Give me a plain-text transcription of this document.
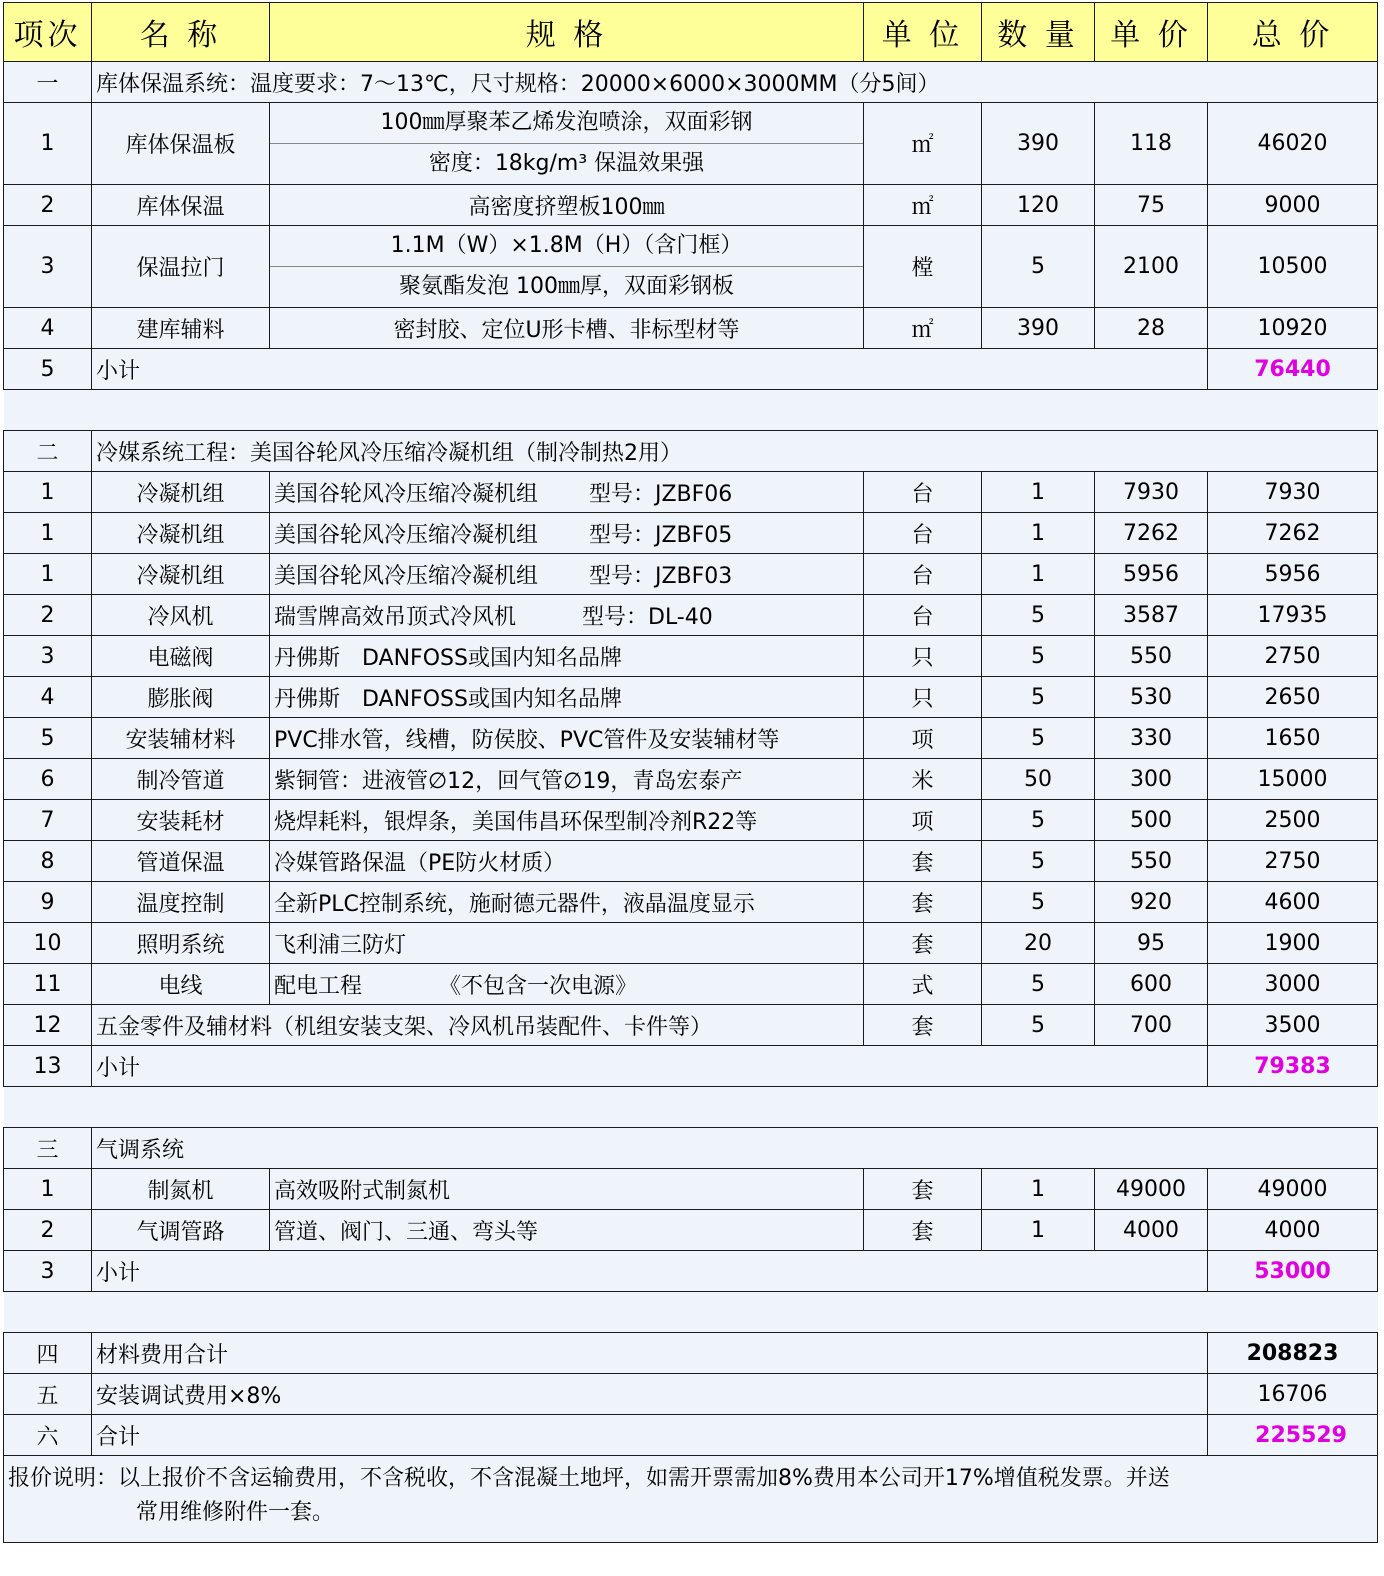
项次	名 称	规 格	单 位	数 量	单 价	总 价
一	库体保温系统：温度要求：7～13℃，尺寸规格：20000×6000×3000MM（分5间）					
1	库体保温板	100㎜厚聚苯乙烯发泡喷涂，双面彩钢
密度：18kg/m³ 保温效果强	㎡	390	118	46020
2	库体保温	高密度挤塑板100㎜	㎡	120	75	9000
3	保温拉门	1.1M（W）×1.8M（H）（含门框）
聚氨酯发泡 100㎜厚，双面彩钢板	樘	5	2100	10500
4	建库辅料	密封胶、定位U形卡槽、非标型材等	㎡	390	28	10920
5	小计					76440

二	冷媒系统工程：美国谷轮风冷压缩冷凝机组（制冷制热2用）					
1	冷凝机组	美国谷轮风冷压缩冷凝机组　　 型号：JZBF06	台	1	7930	7930
1	冷凝机组	美国谷轮风冷压缩冷凝机组　　 型号：JZBF05	台	1	7262	7262
1	冷凝机组	美国谷轮风冷压缩冷凝机组　　 型号：JZBF03	台	1	5956	5956
2	冷风机	瑞雪牌高效吊顶式冷风机　　　型号：DL-40	台	5	3587	17935
3	电磁阀	丹佛斯　DANFOSS或国内知名品牌	只	5	550	2750
4	膨胀阀	丹佛斯　DANFOSS或国内知名品牌	只	5	530	2650
5	安装辅材料	PVC排水管，线槽，防侯胶、PVC管件及安装辅材等	项	5	330	1650
6	制冷管道	紫铜管：进液管∅12，回气管∅19，青岛宏泰产	米	50	300	15000
7	安装耗材	烧焊耗料，银焊条，美国伟昌环保型制冷剂R22等	项	5	500	2500
8	管道保温	冷媒管路保温（PE防火材质）	套	5	550	2750
9	温度控制	全新PLC控制系统，施耐德元器件，液晶温度显示	套	5	920	4600
10	照明系统	飞利浦三防灯	套	20	95	1900
11	电线	配电工程　　　　《不包含一次电源》	式	5	600	3000
12	五金零件及辅材料（机组安装支架、冷风机吊装配件、卡件等）		套	5	700	3500
13	小计					79383

三	气调系统					
1	制氮机	高效吸附式制氮机	套	1	49000	49000
2	气调管路	管道、阀门、三通、弯头等	套	1	4000	4000
3	小计					53000

四	材料费用合计					208823
五	安装调试费用×8%					16706
六	合计					225529

报价说明：以上报价不含运输费用，不含税收，不含混凝土地坪，如需开票需加8%费用本公司开17%增值税发票。并送
常用维修附件一套。						
